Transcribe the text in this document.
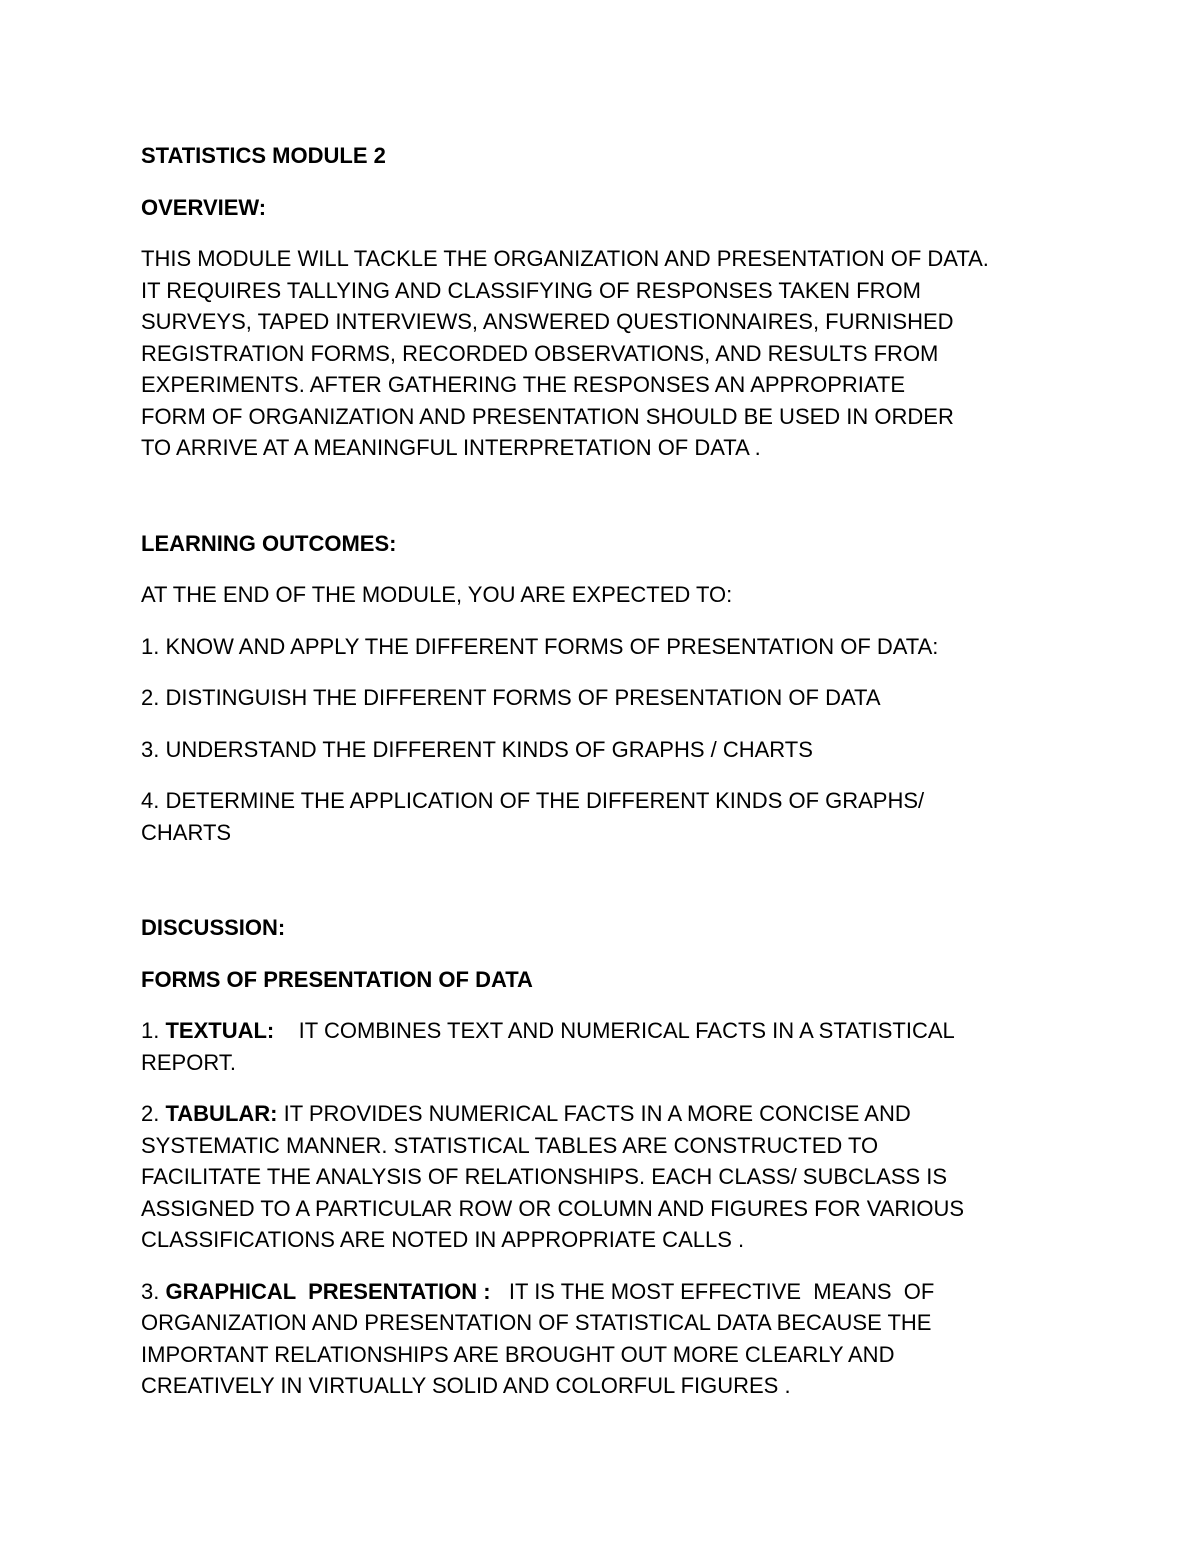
STATISTICS MODULE 2

OVERVIEW:

THIS MODULE WILL TACKLE THE ORGANIZATION AND PRESENTATION OF DATA.
IT REQUIRES TALLYING AND CLASSIFYING OF RESPONSES TAKEN FROM
SURVEYS, TAPED INTERVIEWS, ANSWERED QUESTIONNAIRES, FURNISHED
REGISTRATION FORMS, RECORDED OBSERVATIONS, AND RESULTS FROM
EXPERIMENTS. AFTER GATHERING THE RESPONSES AN APPROPRIATE
FORM OF ORGANIZATION AND PRESENTATION SHOULD BE USED IN ORDER
TO ARRIVE AT A MEANINGFUL INTERPRETATION OF DATA .

LEARNING OUTCOMES:

AT THE END OF THE MODULE, YOU ARE EXPECTED TO:

1. KNOW AND APPLY THE DIFFERENT FORMS OF PRESENTATION OF DATA:

2. DISTINGUISH THE DIFFERENT FORMS OF PRESENTATION OF DATA

3. UNDERSTAND THE DIFFERENT KINDS OF GRAPHS / CHARTS

4. DETERMINE THE APPLICATION OF THE DIFFERENT KINDS OF GRAPHS/
CHARTS

DISCUSSION:

FORMS OF PRESENTATION OF DATA

1. TEXTUAL:    IT COMBINES TEXT AND NUMERICAL FACTS IN A STATISTICAL
REPORT.

2. TABULAR: IT PROVIDES NUMERICAL FACTS IN A MORE CONCISE AND
SYSTEMATIC MANNER. STATISTICAL TABLES ARE CONSTRUCTED TO
FACILITATE THE ANALYSIS OF RELATIONSHIPS. EACH CLASS/ SUBCLASS IS
ASSIGNED TO A PARTICULAR ROW OR COLUMN AND FIGURES FOR VARIOUS
CLASSIFICATIONS ARE NOTED IN APPROPRIATE CALLS .

3. GRAPHICAL  PRESENTATION :   IT IS THE MOST EFFECTIVE  MEANS  OF
ORGANIZATION AND PRESENTATION OF STATISTICAL DATA BECAUSE THE
IMPORTANT RELATIONSHIPS ARE BROUGHT OUT MORE CLEARLY AND
CREATIVELY IN VIRTUALLY SOLID AND COLORFUL FIGURES .
